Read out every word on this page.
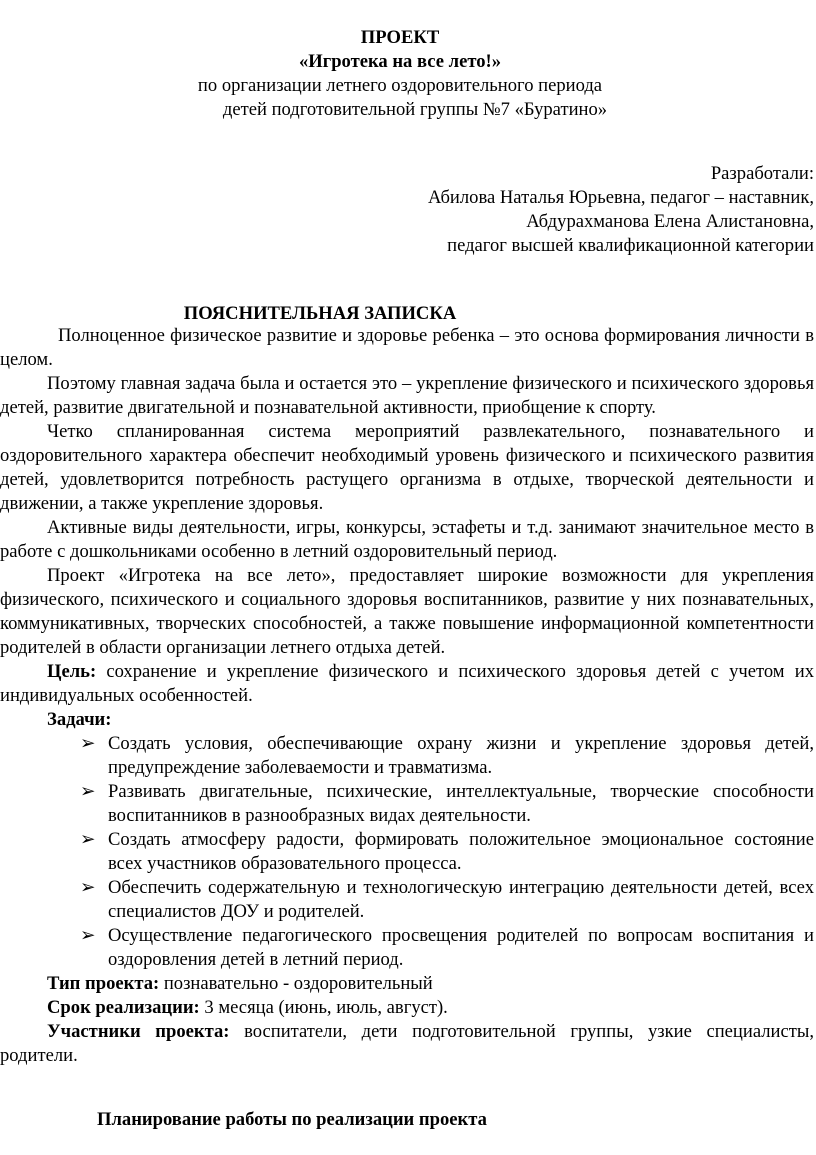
ПРОЕКТ
«Игротека на все лето!»
по организации летнего оздоровительного периода
детей подготовительной группы №7 «Буратино»
Разработали:
Абилова Наталья Юрьевна, педагог – наставник,
Абдурахманова Елена Алистановна,
педагог высшей квалификационной категории
ПОЯСНИТЕЛЬНАЯ ЗАПИСКА

Полноценное физическое развитие и здоровье ребенка – это основа формирования личности в целом.

Поэтому главная задача была и остается это – укрепление физического и психического здоровья детей, развитие двигательной и познавательной активности, приобщение к спорту.

Четко спланированная система мероприятий развлекательного, познавательного и оздоровительного характера обеспечит необходимый уровень физического и психического развития детей, удовлетворится потребность растущего организма в отдыхе, творческой деятельности и движении, а также укрепление здоровья.

Активные виды деятельности, игры, конкурсы, эстафеты и т.д. занимают значительное место в работе с дошкольниками особенно в летний оздоровительный период.

Проект «Игротека на все лето», предоставляет широкие возможности для укрепления физического, психического и социального здоровья воспитанников, развитие у них познавательных, коммуникативных, творческих способностей, а также повышение информационной компетентности родителей в области организации летнего отдыха детей.

Цель: сохранение и укрепление физического и психического здоровья детей с учетом их индивидуальных особенностей.

Задачи:

➢ Создать условия, обеспечивающие охрану жизни и укрепление здоровья детей, предупреждение заболеваемости и травматизма.
➢ Развивать двигательные, психические, интеллектуальные, творческие способности воспитанников в разнообразных видах деятельности.
➢ Создать атмосферу радости, формировать положительное эмоциональное состояние всех участников образовательного процесса.
➢ Обеспечить содержательную и технологическую интеграцию деятельности детей, всех специалистов ДОУ и родителей.
➢ Осуществление педагогического просвещения родителей по вопросам воспитания и оздоровления детей в летний период.

Тип проекта: познавательно - оздоровительный

Срок реализации: 3 месяца (июнь, июль, август).

Участники проекта: воспитатели, дети подготовительной группы, узкие специалисты, родители.

Планирование работы по реализации проекта
